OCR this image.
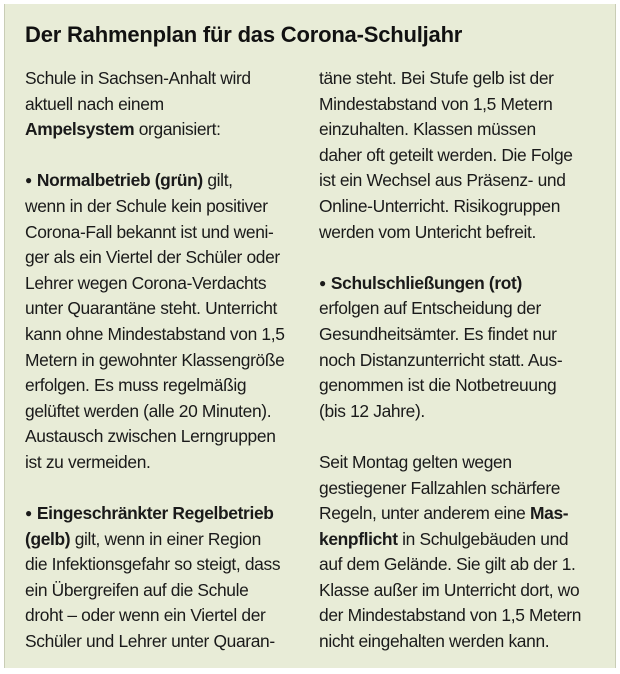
Der Rahmenplan für das Corona-Schuljahr

Schule in Sachsen-Anhalt wird

aktuell nach einem

Ampelsystem organisiert:

● Normalbetrieb (grün) gilt,

wenn in der Schule kein positiver

Corona-Fall bekannt ist und weni-

ger als ein Viertel der Schüler oder

Lehrer wegen Corona-Verdachts

unter Quarantäne steht. Unterricht

kann ohne Mindestabstand von 1,5

Metern in gewohnter Klassengröße

erfolgen. Es muss regelmäßig

gelüftet werden (alle 20 Minuten).

Austausch zwischen Lerngruppen

ist zu vermeiden.

● Eingeschränkter Regelbetrieb

(gelb) gilt, wenn in einer Region

die Infektionsgefahr so steigt, dass

ein Übergreifen auf die Schule

droht – oder wenn ein Viertel der

Schüler und Lehrer unter Quaran-

täne steht. Bei Stufe gelb ist der

Mindestabstand von 1,5 Metern

einzuhalten. Klassen müssen

daher oft geteilt werden. Die Folge

ist ein Wechsel aus Präsenz- und

Online-Unterricht. Risikogruppen

werden vom Untericht befreit.

● Schulschließungen (rot)

erfolgen auf Entscheidung der

Gesundheitsämter. Es findet nur

noch Distanzunterricht statt. Aus-

genommen ist die Notbetreuung

(bis 12 Jahre).

Seit Montag gelten wegen

gestiegener Fallzahlen schärfere

Regeln, unter anderem eine Mas-

kenpflicht in Schulgebäuden und

auf dem Gelände. Sie gilt ab der 1.

Klasse außer im Unterricht dort, wo

der Mindestabstand von 1,5 Metern

nicht eingehalten werden kann.
